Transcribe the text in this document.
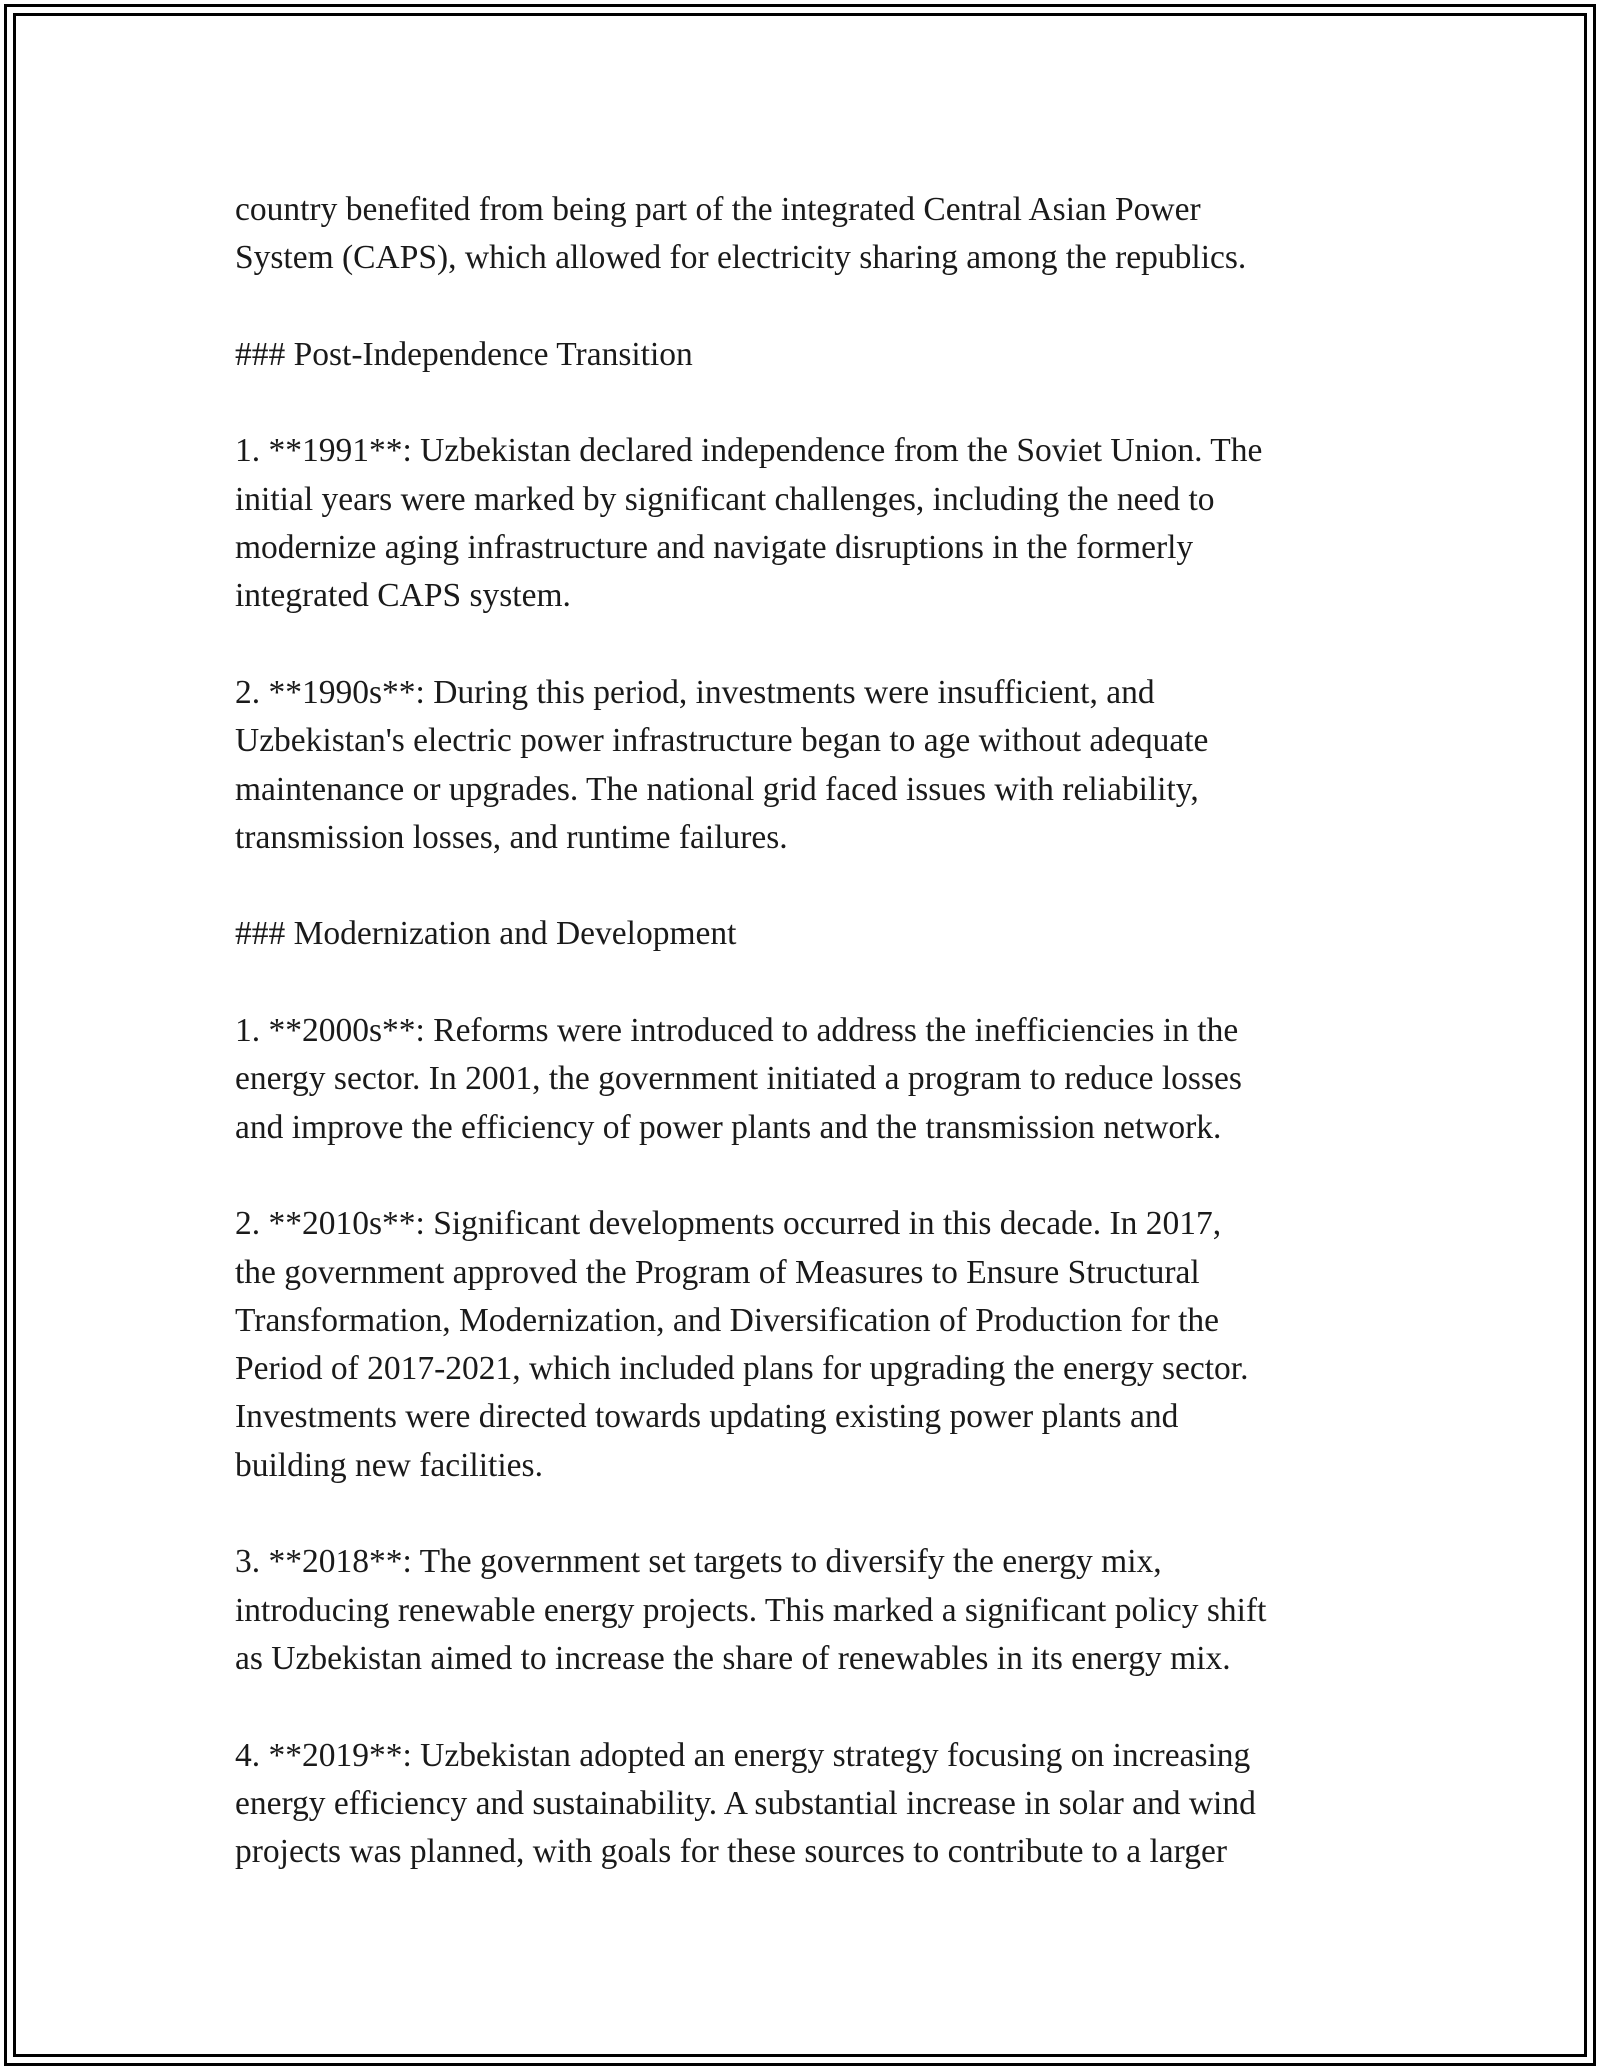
country benefited from being part of the integrated Central Asian Power
System (CAPS), which allowed for electricity sharing among the republics.

### Post-Independence Transition

1. **1991**: Uzbekistan declared independence from the Soviet Union. The
initial years were marked by significant challenges, including the need to
modernize aging infrastructure and navigate disruptions in the formerly
integrated CAPS system.

2. **1990s**: During this period, investments were insufficient, and
Uzbekistan's electric power infrastructure began to age without adequate
maintenance or upgrades. The national grid faced issues with reliability,
transmission losses, and runtime failures.

### Modernization and Development

1. **2000s**: Reforms were introduced to address the inefficiencies in the
energy sector. In 2001, the government initiated a program to reduce losses
and improve the efficiency of power plants and the transmission network.

2. **2010s**: Significant developments occurred in this decade. In 2017,
the government approved the Program of Measures to Ensure Structural
Transformation, Modernization, and Diversification of Production for the
Period of 2017-2021, which included plans for upgrading the energy sector.
Investments were directed towards updating existing power plants and
building new facilities.

3. **2018**: The government set targets to diversify the energy mix,
introducing renewable energy projects. This marked a significant policy shift
as Uzbekistan aimed to increase the share of renewables in its energy mix.

4. **2019**: Uzbekistan adopted an energy strategy focusing on increasing
energy efficiency and sustainability. A substantial increase in solar and wind
projects was planned, with goals for these sources to contribute to a larger
